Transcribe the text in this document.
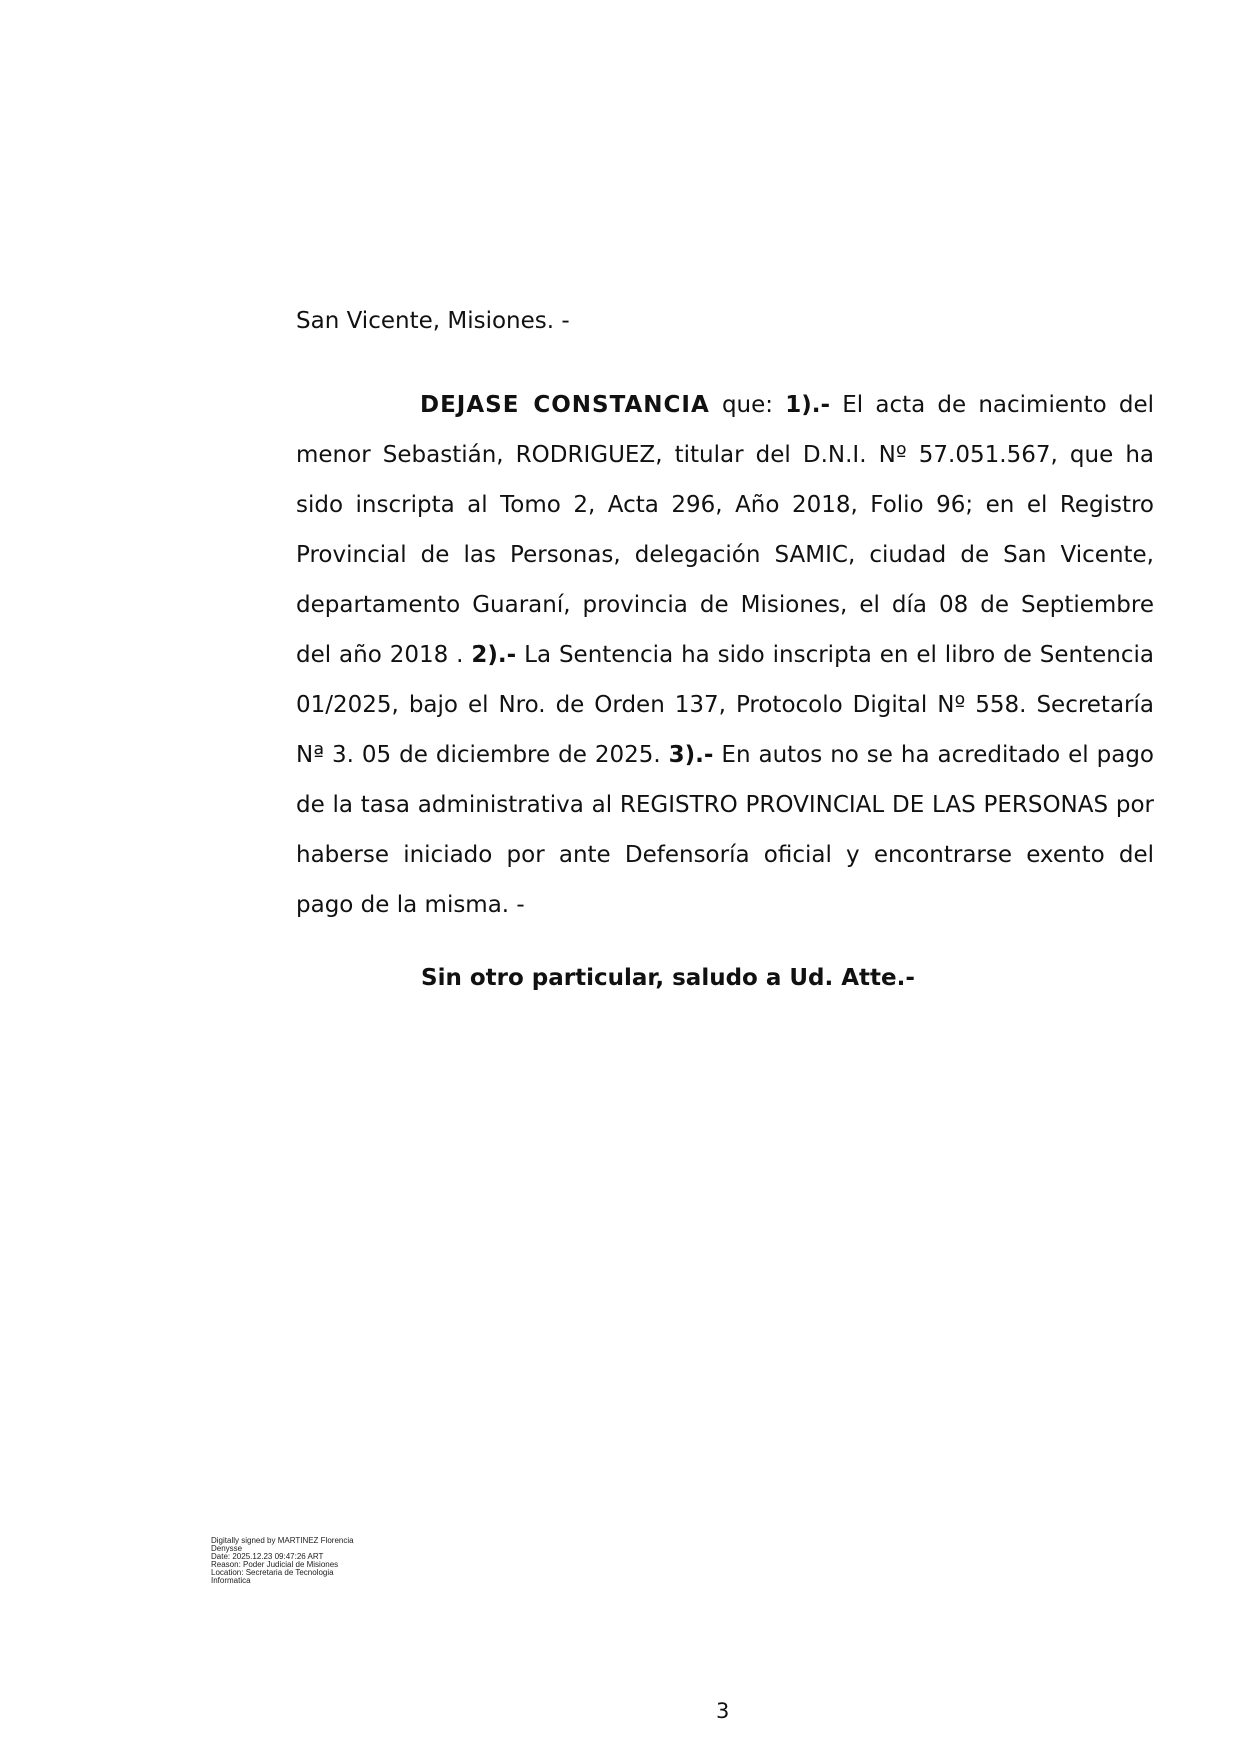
San Vicente, Misiones. -
DEJASE CONSTANCIA que: 1).- El acta de nacimiento del menor Sebastián, RODRIGUEZ, titular del D.N.I. Nº 57.051.567, que ha sido inscripta al Tomo 2, Acta 296, Año 2018, Folio 96; en el Registro Provincial de las Personas, delegación SAMIC, ciudad de San Vicente, departamento Guaraní, provincia de Misiones, el día 08 de Septiembre del año 2018 . 2).- La Sentencia ha sido inscripta en el libro de Sentencia 01/2025, bajo el Nro. de Orden 137, Protocolo Digital Nº 558. Secretaría Nª 3. 05 de diciembre de 2025. 3).- En autos no se ha acreditado el pago de la tasa administrativa al REGISTRO PROVINCIAL DE LAS PERSONAS por haberse iniciado por ante Defensoría oficial y encontrarse exento del pago de la misma. -
Sin otro particular, saludo a Ud. Atte.-
Digitally signed by MARTINEZ Florencia
Denysse
Date: 2025.12.23 09:47:26 ART
Reason: Poder Judicial de Misiones
Location: Secretaria de Tecnologia
Informatica
3
